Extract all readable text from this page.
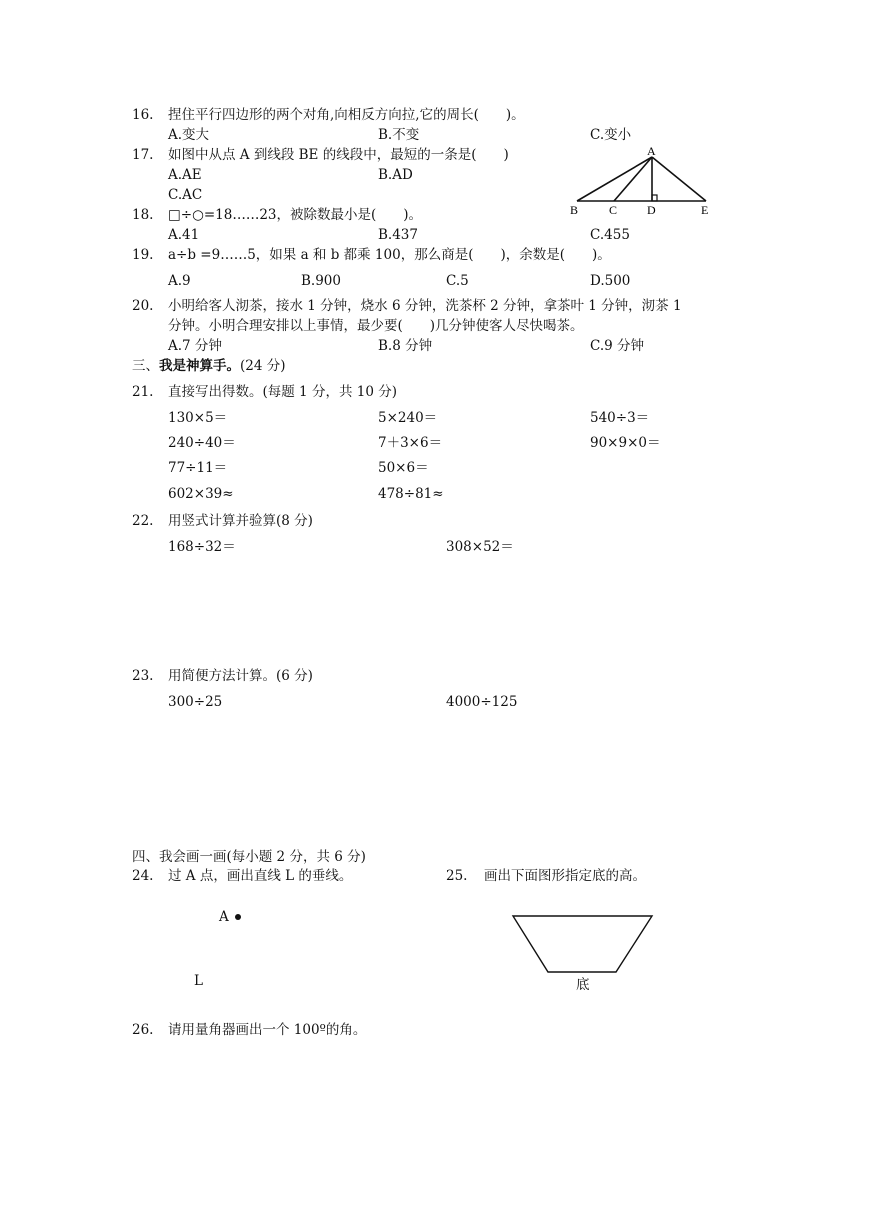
16. 捏住平行四边形的两个对角,向相反方向拉,它的周长(　　)。
A.变大	B.不变	C.变小
17. 如图中从点 A 到线段 BE 的线段中，最短的一条是(　　)
A.AE	B.AD
C.AC
A
B	C D	E
18. □÷○=18……23，被除数最小是(　　)。
A.41	B.437	C.455
19. a÷b =9……5，如果 a 和 b 都乘 100，那么商是(　　)，余数是(　　)。
A.9	B.900	C.5	D.500
20. 小明给客人沏茶，接水 1 分钟，烧水 6 分钟，洗茶杯 2 分钟，拿茶叶 1 分钟，沏茶 1
分钟。小明合理安排以上事情，最少要(　　)几分钟使客人尽快喝茶。
A.7 分钟	B.8 分钟	C.9 分钟
三、我是神算手。(24 分)
21. 直接写出得数。(每题 1 分，共 10 分)
130×5＝	5×240＝	540÷3＝
240÷40＝	7＋3×6＝	90×9×0＝
77÷11＝	50×6＝
602×39≈	478÷81≈
22. 用竖式计算并验算(8 分)
168÷32＝	308×52＝
23. 用简便方法计算。(6 分)
300÷25	4000÷125
四、我会画一画(每小题 2 分，共 6 分)
24. 过 A 点，画出直线 L 的垂线。
A
L
25. 画出下面图形指定底的高。
底
26. 请用量角器画出一个 100º的角。
